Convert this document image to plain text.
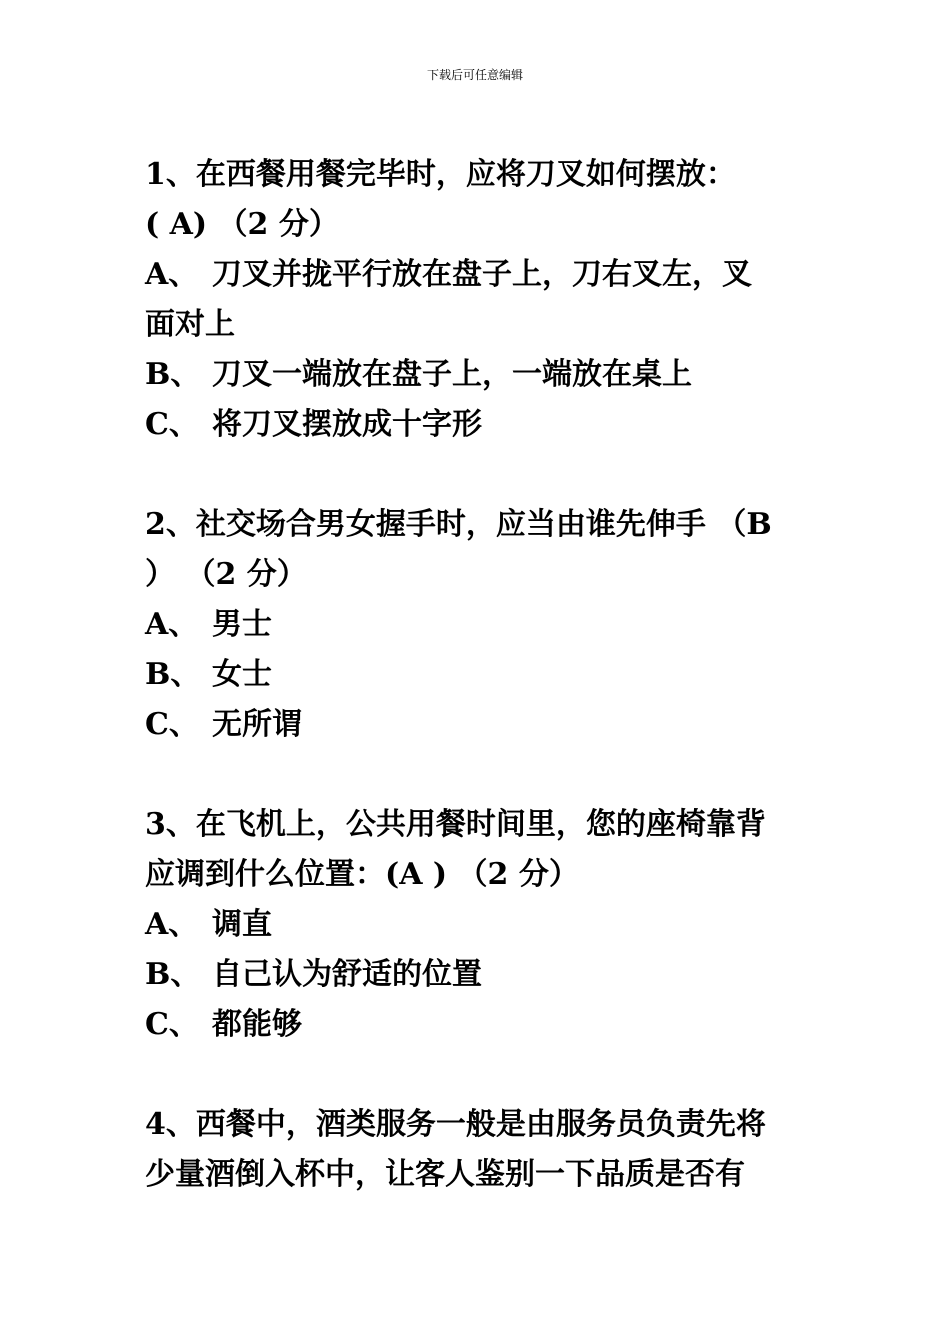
下载后可任意编辑
1、在西餐用餐完毕时，应将刀叉如何摆放：
( A) （2 分）
A、 刀叉并拢平行放在盘子上，刀右叉左，叉
面对上
B、 刀叉一端放在盘子上，一端放在桌上
C、 将刀叉摆放成十字形
2、社交场合男女握手时，应当由谁先伸手 （B
） （2 分）
A、 男士
B、 女士
C、 无所谓
3、在飞机上，公共用餐时间里，您的座椅靠背
应调到什么位置：(A ) （2 分）
A、 调直
B、 自己认为舒适的位置
C、 都能够
4、西餐中，酒类服务一般是由服务员负责先将
少量酒倒入杯中，让客人鉴别一下品质是否有
